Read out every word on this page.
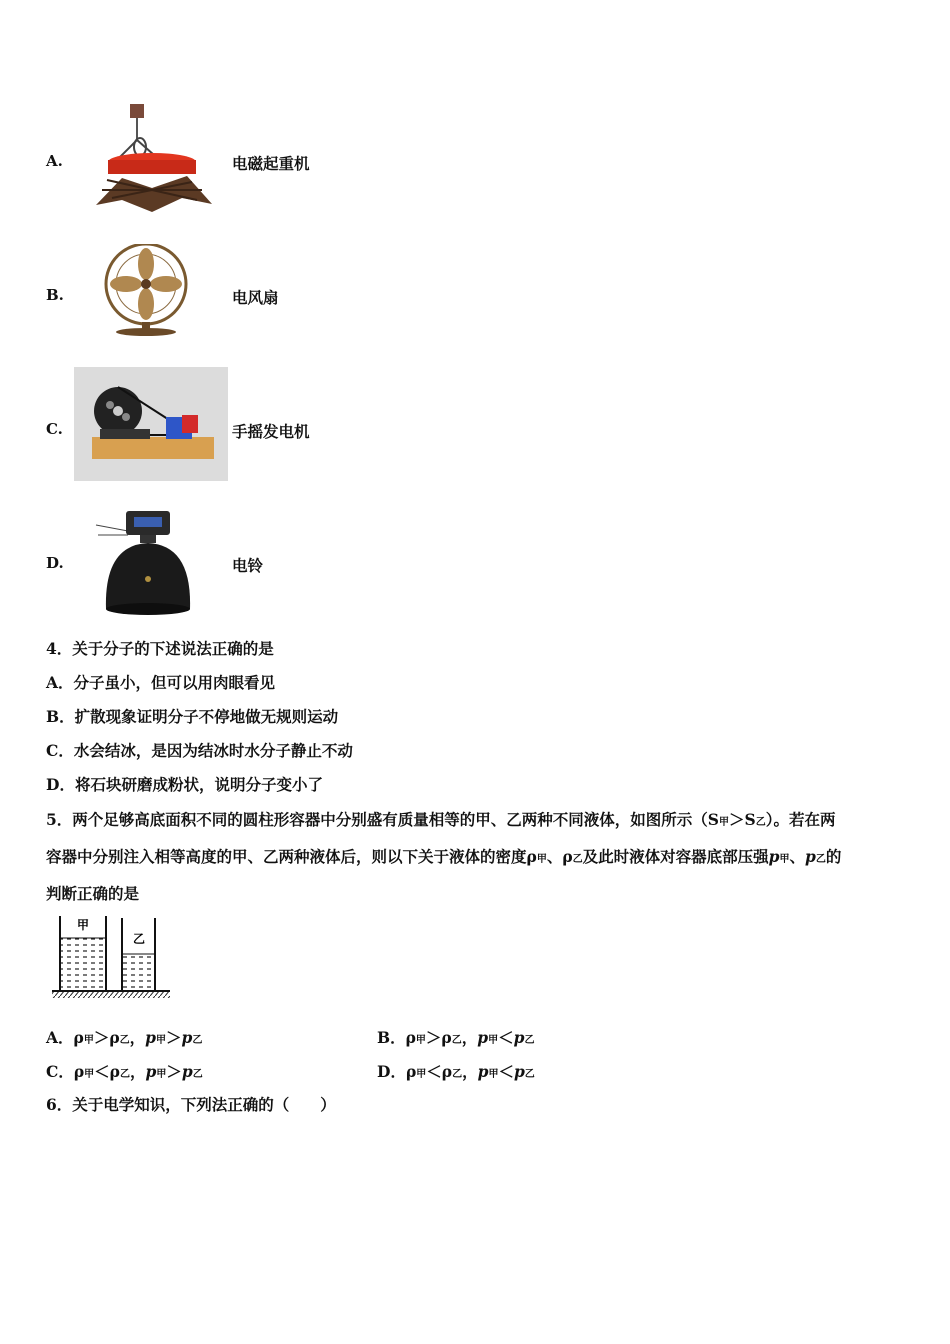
A.	电磁起重机
B.	电风扇
C.	手摇发电机
D.	电铃
4．关于分子的下述说法正确的是
A．分子虽小，但可以用肉眼看见
B．扩散现象证明分子不停地做无规则运动
C．水会结冰，是因为结冰时水分子静止不动
D．将石块研磨成粉状，说明分子变小了
5．两个足够高底面积不同的圆柱形容器中分别盛有质量相等的甲、乙两种不同液体，如图所示（S甲＞S乙）。若在两
容器中分别注入相等高度的甲、乙两种液体后，则以下关于液体的密度ρ甲、ρ乙及此时液体对容器底部压强p甲、p乙的
判断正确的是
甲
乙
A．ρ甲＞ρ乙，p甲＞p乙	B．ρ甲＞ρ乙，p甲＜p乙
C．ρ甲＜ρ乙，p甲＞p乙	D．ρ甲＜ρ乙，p甲＜p乙
6．关于电学知识，下列法正确的（　　）
